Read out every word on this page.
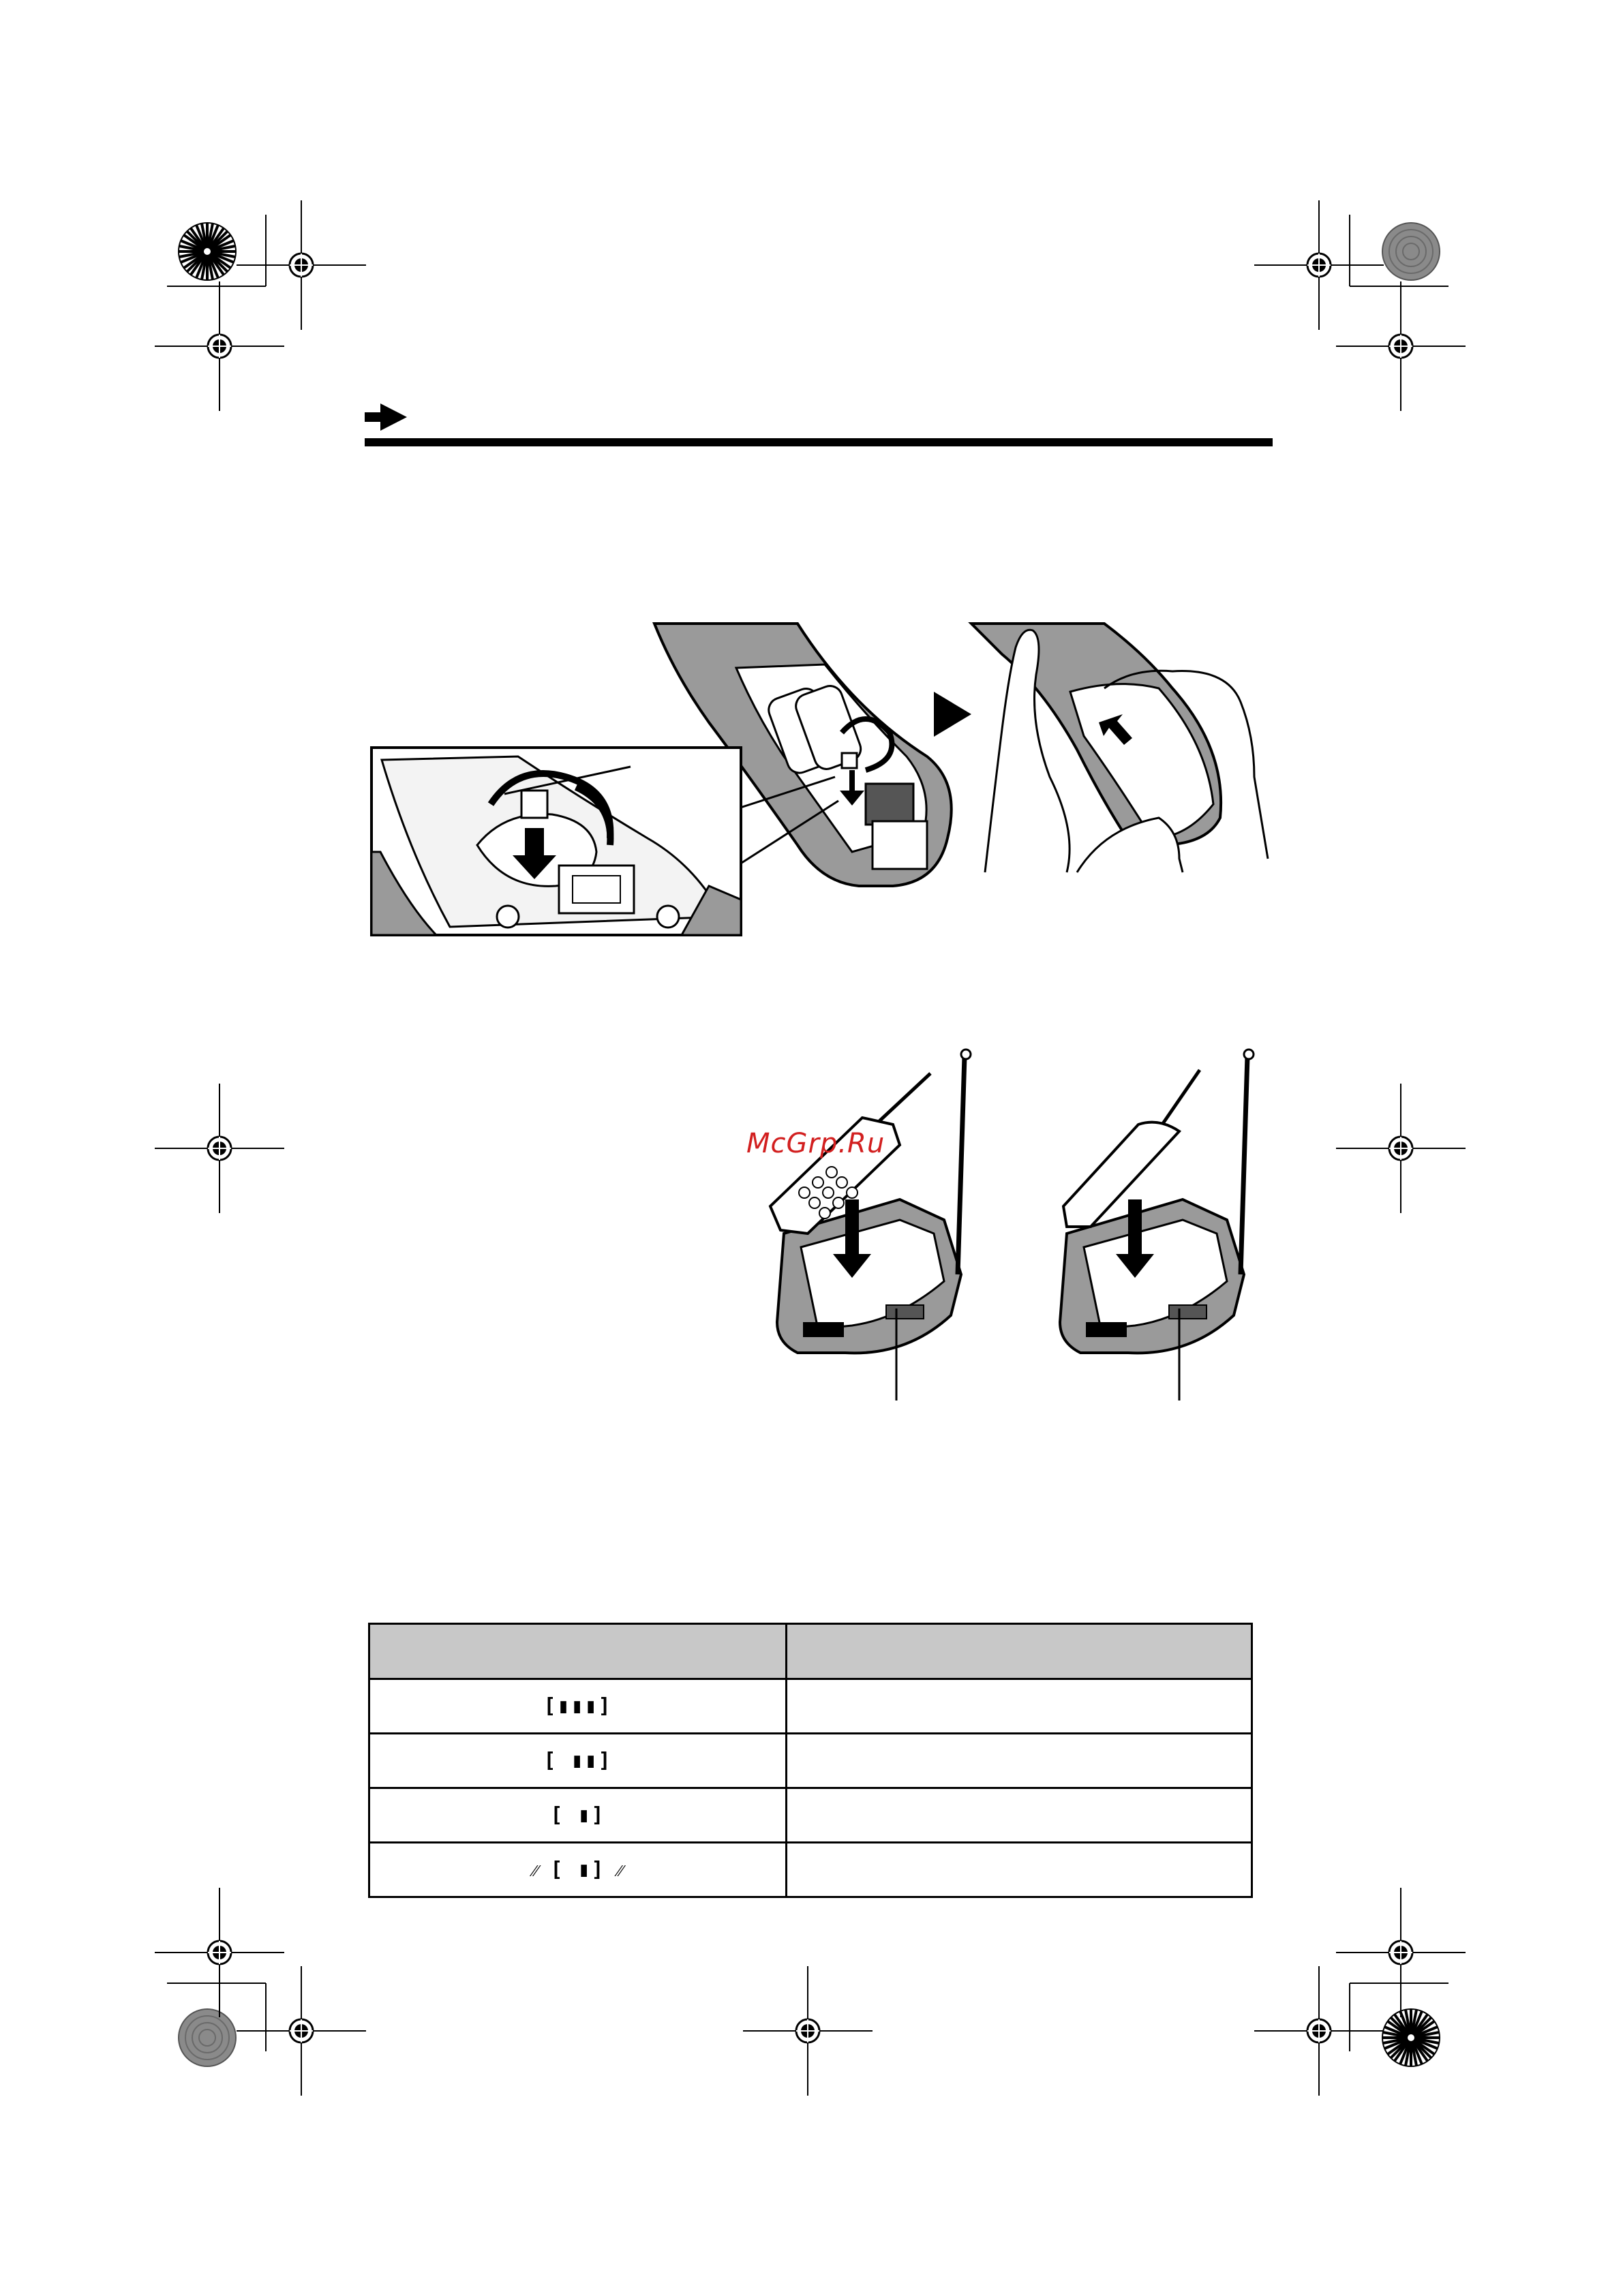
McGrp.Ru

[▮▮▮]	
[ ▮▮]	
[ ▮]	
⁄⁄ [ ▮] ⁄⁄	
